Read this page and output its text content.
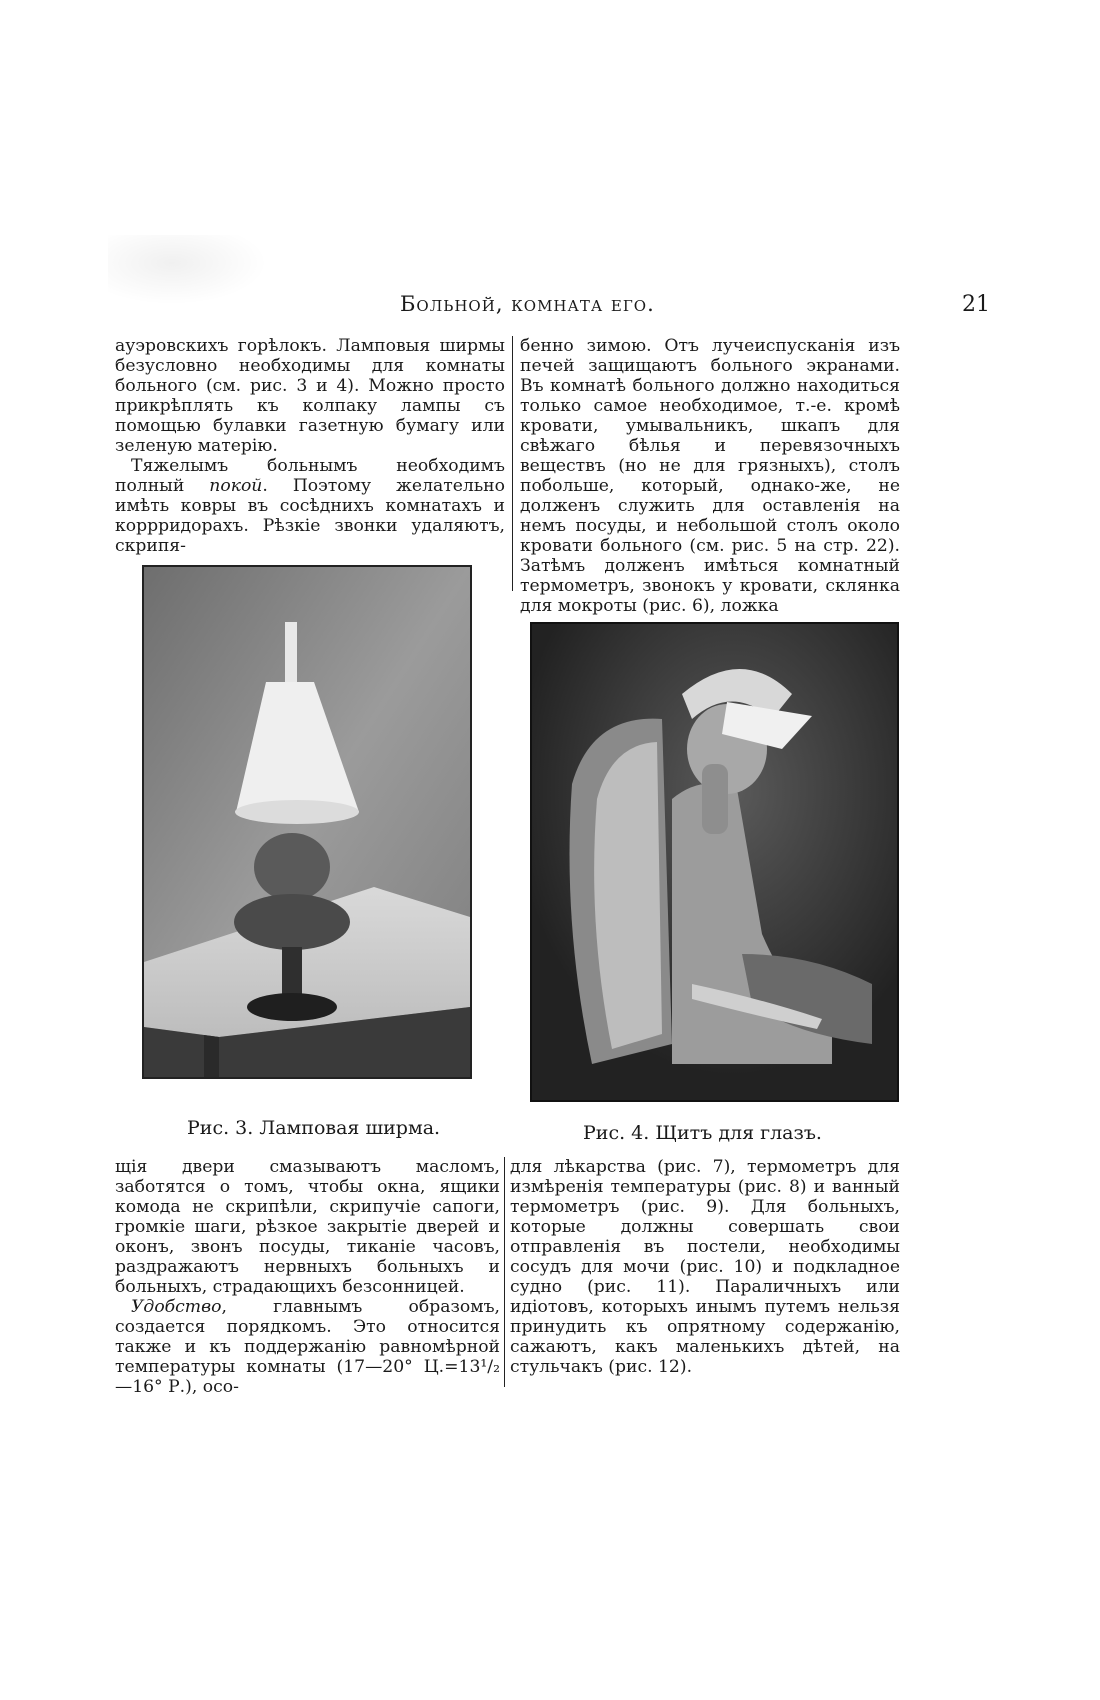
Больной, комната его.	21

ауэровскихъ горѣлокъ. Ламповыя ширмы безусловно необходимы для комнаты больного (см. рис. 3 и 4). Можно просто прикрѣплять къ колпаку лампы съ помощью булавки газетную бумагу или зеленую матерію.

Тяжелымъ больнымъ необходимъ полный покой. Поэтому желательно имѣть ковры въ сосѣднихъ комнатахъ и коррридорахъ. Рѣзкіе звонки удаляютъ, скрипя-

бенно зимою. Отъ лучеиспусканія изъ печей защищаютъ больного экранами. Въ комнатѣ больного должно находиться только самое необходимое, т.-е. кромѣ кровати, умывальникъ, шкапъ для свѣжаго бѣлья и перевязочныхъ веществъ (но не для грязныхъ), столъ побольше, который, однако-же, не долженъ служить для оставленія на немъ посуды, и небольшой столъ около кровати больного (см. рис. 5 на стр. 22). Затѣмъ долженъ имѣться комнатный термометръ, звонокъ у кровати, склянка для мокроты (рис. 6), ложка

Рис. 3. Ламповая ширма.	Рис. 4. Щитъ для глазъ.

щія двери смазываютъ масломъ, заботятся о томъ, чтобы окна, ящики комода не скрипѣли, скрипучіе сапоги, громкіе шаги, рѣзкое закрытіе дверей и оконъ, звонъ посуды, тиканіе часовъ, раздражаютъ нервныхъ больныхъ и больныхъ, страдающихъ безсонницей.

Удобство, главнымъ образомъ, создается порядкомъ. Это относится также и къ поддержанію равномѣрной температуры комнаты (17—20° Ц.=13¹/₂—16° Р.), осо-

для лѣкарства (рис. 7), термометръ для измѣренія температуры (рис. 8) и ванный термометръ (рис. 9). Для больныхъ, которые должны совершать свои отправленія въ постели, необходимы сосудъ для мочи (рис. 10) и подкладное судно (рис. 11). Параличныхъ или идіотовъ, которыхъ инымъ путемъ нельзя принудить къ опрятному содержанію, сажаютъ, какъ маленькихъ дѣтей, на стульчакъ (рис. 12).
